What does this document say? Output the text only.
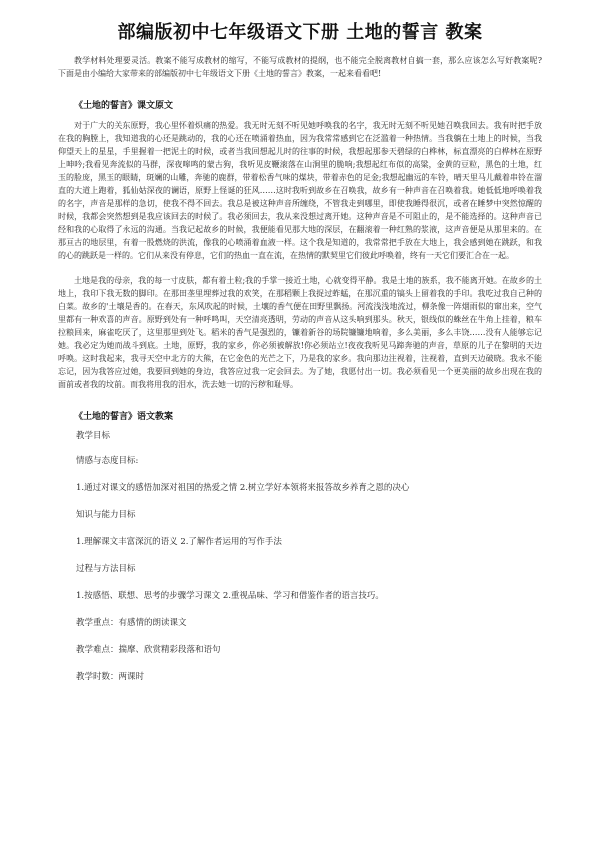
部编版初中七年级语文下册 土地的誓言 教案

教学材料处理要灵活。教案不能写成教材的缩写，不能写成教材的提纲，也不能完全脱离教材自搞一套，那么应该怎么写好教案呢?下面是由小编给大家带来的部编版初中七年级语文下册《土地的誓言》教案，一起来看看吧!

《土地的誓言》课文原文

对于广大的关东原野，我心里怀着炽痛的热爱。我无时无刻不听见她呼唤我的名字，我无时无刻不听见她召唤我回去。我有时把手放在我的胸膛上，我知道我的心还是跳动的，我的心还在喷涌着热血，因为我常常感到它在泛滥着一种热情。当我躺在土地上的时候，当我仰望天上的星星，手里握着一把泥土的时候，或者当我回想起儿时的往事的时候，我想起那参天碧绿的白桦林，标直漂亮的白桦林在原野上呻吟;我看见奔流似的马群，深夜嗥鸣的蒙古狗，我听见皮鞭滚落在山涧里的脆响;我想起红布似的高粱，金黄的豆粒，黑色的土地，红玉的脸庞，黑玉的眼睛，斑斓的山雕，奔驰的鹿群，带着松香气味的煤块，带着赤色的足金;我想起幽远的车铃，晴天里马儿戴着串铃在溜直的大道上跑着，狐仙姑深夜的谰语，原野上怪诞的狂风……这时我听到故乡在召唤我，故乡有一种声音在召唤着我。她低低地呼唤着我的名字，声音是那样的急切，使我不得不回去。我总是被这种声音所缠绕，不管我走到哪里，即使我睡得很沉，或者在睡梦中突然惊醒的时候，我都会突然想到是我应该回去的时候了。我必须回去，我从来没想过离开她。这种声音是不可阻止的，是不能选择的。这种声音已经和我的心取得了永远的沟通。当我记起故乡的时候，我便能看见那大地的深层，在翻滚着一种红熟的浆液，这声音便是从那里来的。在那亘古的地层里，有着一股燃烧的洪流，像我的心喷涌着血液一样。这个我是知道的，我常常把手放在大地上，我会感到她在跳跃，和我的心的跳跃是一样的。它们从来没有停息，它们的热血一直在流，在热情的默契里它们彼此呼唤着，终有一天它们要汇合在一起。

土地是我的母亲，我的每一寸皮肤，都有着土粒;我的手掌一接近土地，心就变得平静。我是土地的族系，我不能离开她。在故乡的土地上，我印下我无数的脚印。在那田垄里埋葬过我的欢笑，在那稻颗上我捉过蚱蜢，在那沉重的镐头上留着我的手印。我吃过我自己种的白菜。故乡的'土壤是香的。在春天，东风吹起的时候，土壤的香气便在田野里飘扬。河流浅浅地流过，柳条像一阵烟雨似的窜出来，空气里都有一种欢喜的声音。原野到处有一种呼鸣叫，天空清亮透明，劳动的声音从这头响到那头。秋天，银线似的蛛丝在牛角上挂着，粮车拉粮回来，麻雀吃厌了，这里那里到处飞。稻米的香气是强烈的，镰着新谷的场院镰镰地响着，多么美丽，多么丰饶……没有人能够忘记她。我必定为她而战斗到底。土地，原野，我的家乡，你必须被解放!你必须站立!夜夜我听见马蹄奔驰的声音，草原的儿子在黎明的天边呼唤。这时我起来，我寻天空中北方的大熊，在它金色的光芒之下，乃是我的家乡。我向那边注视着，注视着，直到天边破晓。我永不能忘记，因为我答应过她，我要回到她的身边，我答应过我一定会回去。为了她，我愿付出一切。我必须看见一个更美丽的故乡出现在我的面前或者我的坟前。而我将用我的泪水，洗去她一切的污秽和耻辱。

《土地的誓言》语文教案
教学目标
情感与态度目标:
1.通过对课文的感悟加深对祖国的热爱之情 2.树立学好本领将来报答故乡养育之恩的决心
知识与能力目标
1.理解课文丰富深沉的语义 2.了解作者运用的写作手法
过程与方法目标
1.按感悟、联想、思考的步骤学习课文 2.重视品味、学习和借鉴作者的语言技巧。
教学重点：有感情的朗读课文
教学难点：揣摩、欣赏精彩段落和语句
教学时数：两课时
